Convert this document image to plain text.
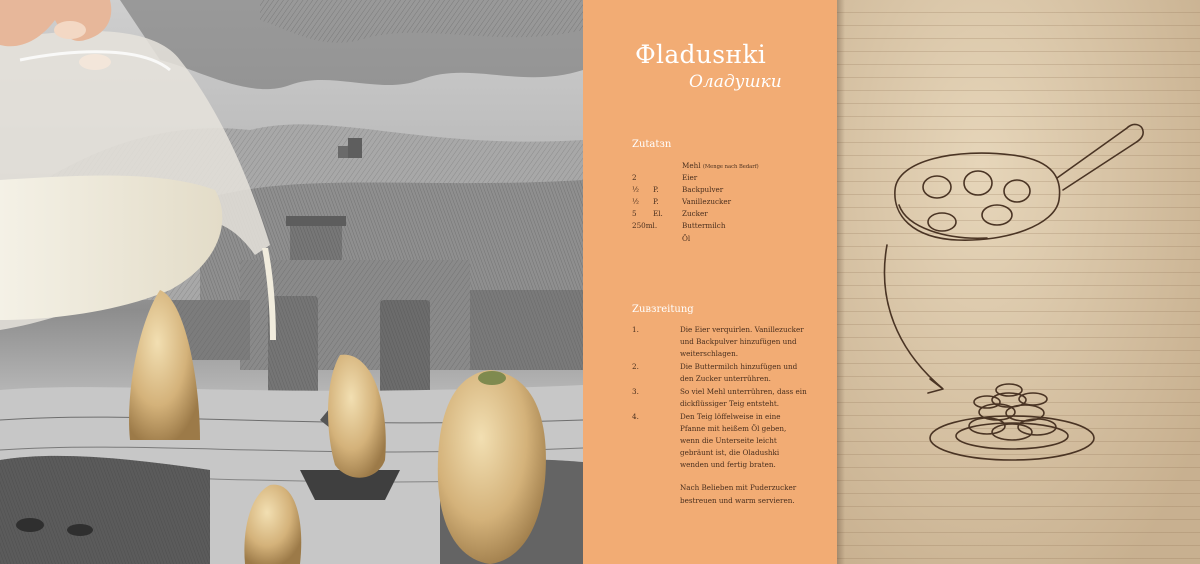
Фladusнki
Оладушки
Zutatзn
Mehl (Menge nach Bedarf)
2	Eier
½ P.	Backpulver
½ P.	Vanillezucker
5 El.	Zucker
250ml.	Buttermilch
Öl
Zuвзreitung
1.	Die Eier verquirlen. Vanillezucker und Backpulver hinzufügen und weiterschlagen.
2.	Die Buttermilch hinzufügen und den Zucker unterrühren.
3.	So viel Mehl unterrühren, dass ein dickflüssiger Teig entsteht.
4.	Den Teig löffelweise in eine Pfanne mit heißem Öl geben, wenn die Unterseite leicht gebräunt ist, die Oladushki wenden und fertig braten.
Nach Belieben mit Puderzucker bestreuen und warm servieren.
